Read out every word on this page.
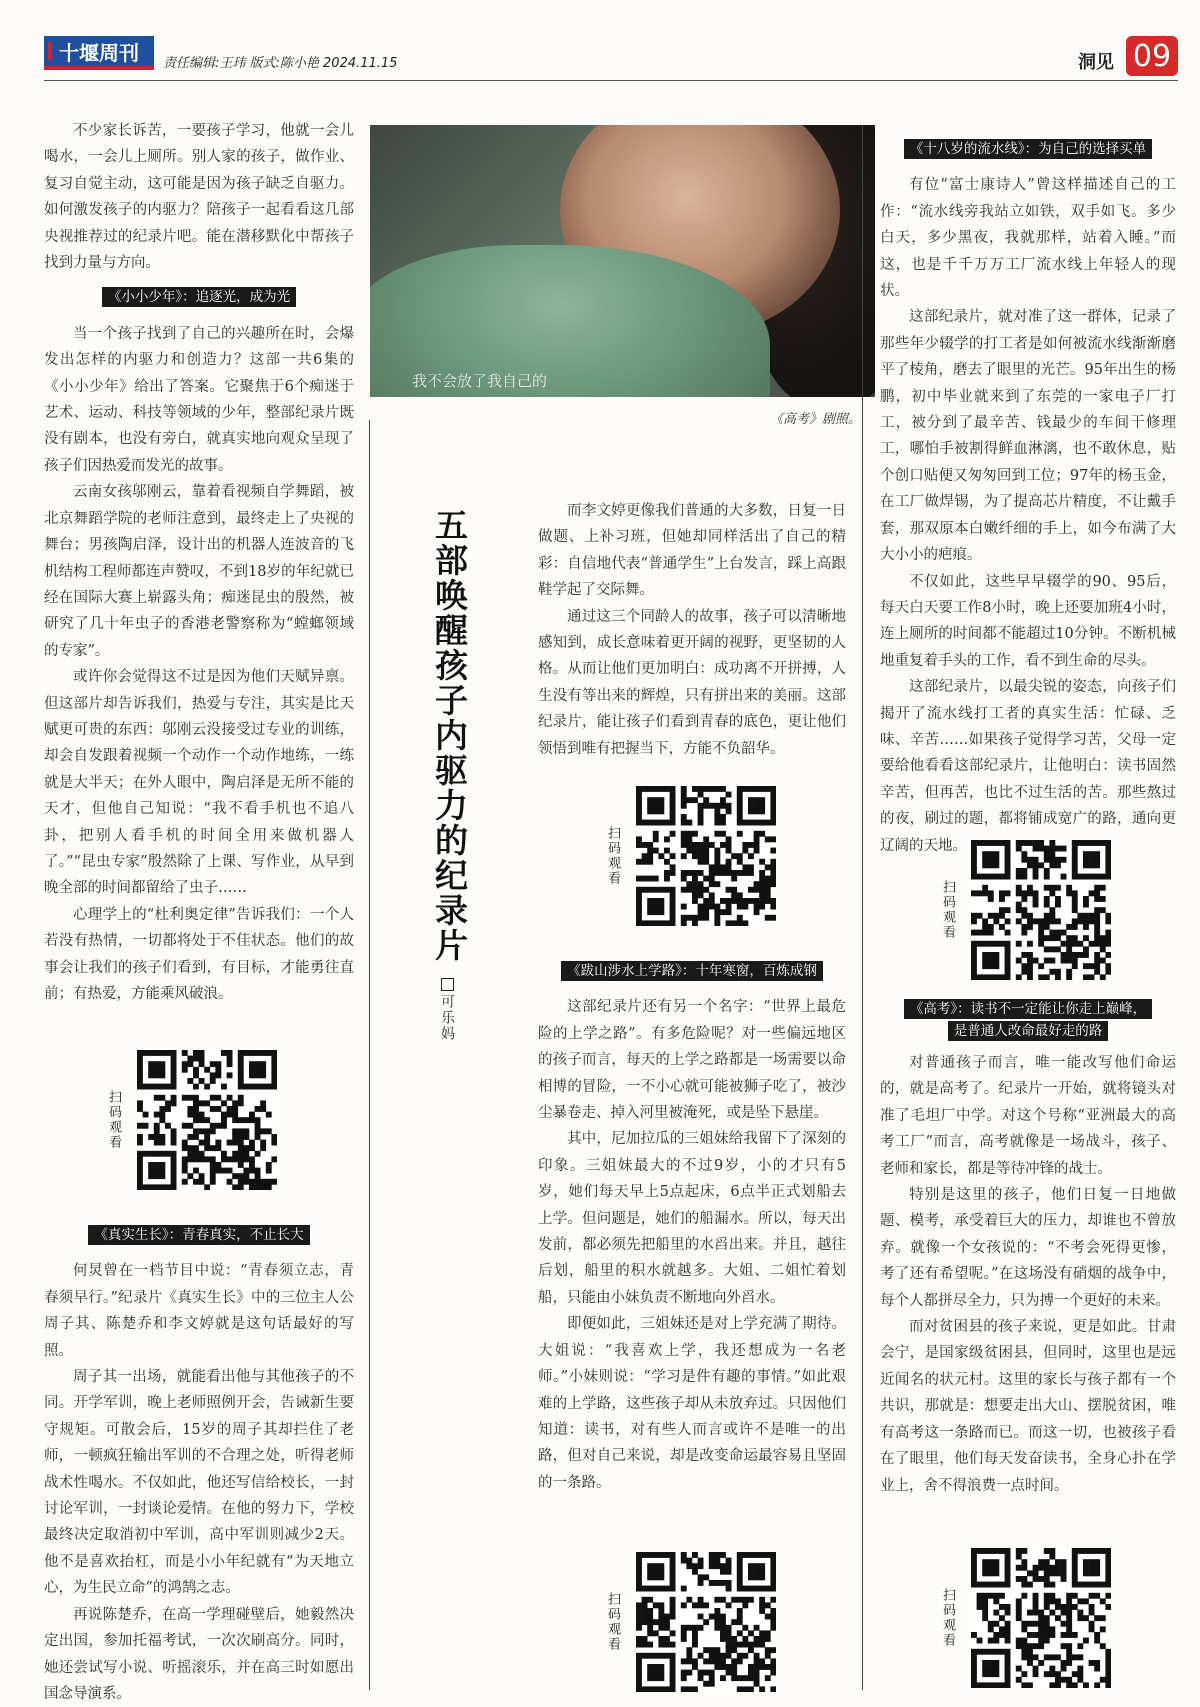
十堰周刊 责任编辑:王玮 版式:陈小艳 2024.11.15	洞见 09

不少家长诉苦，一要孩子学习，他就一会儿喝水，一会儿上厕所。别人家的孩子，做作业、复习自觉主动，这可能是因为孩子缺乏自驱力。如何激发孩子的内驱力？陪孩子一起看看这几部央视推荐过的纪录片吧。能在潜移默化中帮孩子找到力量与方向。

《小小少年》：追逐光，成为光

当一个孩子找到了自己的兴趣所在时，会爆发出怎样的内驱力和创造力？这部一共6集的《小小少年》给出了答案。它聚焦于6个痴迷于艺术、运动、科技等领域的少年，整部纪录片既没有剧本，也没有旁白，就真实地向观众呈现了孩子们因热爱而发光的故事。

云南女孩邬刚云，靠着看视频自学舞蹈，被北京舞蹈学院的老师注意到，最终走上了央视的舞台；男孩陶启泽，设计出的机器人连波音的飞机结构工程师都连声赞叹，不到18岁的年纪就已经在国际大赛上崭露头角；痴迷昆虫的殷然，被研究了几十年虫子的香港老警察称为“螳螂领域的专家”。

或许你会觉得这不过是因为他们天赋异禀。但这部片却告诉我们，热爱与专注，其实是比天赋更可贵的东西：邬刚云没接受过专业的训练，却会自发跟着视频一个动作一个动作地练，一练就是大半天；在外人眼中，陶启泽是无所不能的天才，但他自己知说：“我不看手机也不追八卦，把别人看手机的时间全用来做机器人了。”“昆虫专家”殷然除了上课、写作业，从早到晚全部的时间都留给了虫子……

心理学上的“杜利奥定律”告诉我们：一个人若没有热情，一切都将处于不佳状态。他们的故事会让我们的孩子们看到，有目标，才能勇往直前；有热爱，方能乘风破浪。

扫码观看
《真实生长》：青春真实，不止长大

何炅曾在一档节目中说：“青春须立志，青春须早行。”纪录片《真实生长》中的三位主人公周子其、陈楚乔和李文婷就是这句话最好的写照。

周子其一出场，就能看出他与其他孩子的不同。开学军训，晚上老师照例开会，告诫新生要守规矩。可散会后，15岁的周子其却拦住了老师，一顿疯狂输出军训的不合理之处，听得老师战术性喝水。不仅如此，他还写信给校长，一封讨论军训，一封谈论爱情。在他的努力下，学校最终决定取消初中军训，高中军训则减少2天。他不是喜欢抬杠，而是小小年纪就有“为天地立心，为生民立命”的鸿鹄之志。

再说陈楚乔，在高一学理碰壁后，她毅然决定出国，参加托福考试，一次次刷高分。同时，她还尝试写小说、听摇滚乐，并在高三时如愿出国念导演系。

我不会放了我自己的
《高考》剧照。
五部唤醒孩子内驱力的纪录片
可乐妈

而李文婷更像我们普通的大多数，日复一日做题、上补习班，但她却同样活出了自己的精彩：自信地代表“普通学生”上台发言，踩上高跟鞋学起了交际舞。

通过这三个同龄人的故事，孩子可以清晰地感知到，成长意味着更开阔的视野，更坚韧的人格。从而让他们更加明白：成功离不开拼搏，人生没有等出来的辉煌，只有拼出来的美丽。这部纪录片，能让孩子们看到青春的底色，更让他们领悟到唯有把握当下，方能不负韶华。

扫码观看
《跋山涉水上学路》：十年寒窗，百炼成钢

这部纪录片还有另一个名字：“世界上最危险的上学之路”。有多危险呢？对一些偏远地区的孩子而言，每天的上学之路都是一场需要以命相博的冒险，一不小心就可能被狮子吃了，被沙尘暴卷走、掉入河里被淹死，或是坠下悬崖。

其中，尼加拉瓜的三姐妹给我留下了深刻的印象。三姐妹最大的不过9岁，小的才只有5岁，她们每天早上5点起床，6点半正式划船去上学。但问题是，她们的船漏水。所以，每天出发前，都必须先把船里的水舀出来。并且，越往后划，船里的积水就越多。大姐、二姐忙着划船，只能由小妹负责不断地向外舀水。

即便如此，三姐妹还是对上学充满了期待。大姐说：“我喜欢上学，我还想成为一名老师。”小妹则说：“学习是件有趣的事情。”如此艰难的上学路，这些孩子却从未放弃过。只因他们知道：读书，对有些人而言或许不是唯一的出路，但对自己来说，却是改变命运最容易且坚固的一条路。

扫码观看
《十八岁的流水线》：为自己的选择买单

有位“富士康诗人”曾这样描述自己的工作：“流水线旁我站立如铁，双手如飞。多少白天，多少黑夜，我就那样，站着入睡。”而这，也是千千万万工厂流水线上年轻人的现状。

这部纪录片，就对准了这一群体，记录了那些年少辍学的打工者是如何被流水线渐渐磨平了棱角，磨去了眼里的光芒。95年出生的杨鹏，初中毕业就来到了东莞的一家电子厂打工，被分到了最辛苦、钱最少的车间干修理工，哪怕手被割得鲜血淋漓，也不敢休息，贴个创口贴便又匆匆回到工位；97年的杨玉金，在工厂做焊锡，为了提高芯片精度，不让戴手套，那双原本白嫩纤细的手上，如今布满了大大小小的疤痕。

不仅如此，这些早早辍学的90、95后，每天白天要工作8小时，晚上还要加班4小时，连上厕所的时间都不能超过10分钟。不断机械地重复着手头的工作，看不到生命的尽头。

这部纪录片，以最尖锐的姿态，向孩子们揭开了流水线打工者的真实生活：忙碌、乏味、辛苦……如果孩子觉得学习苦，父母一定要给他看看这部纪录片，让他明白：读书固然辛苦，但再苦，也比不过生活的苦。那些熬过的夜，刷过的题，都将铺成宽广的路，通向更辽阔的天地。

扫码观看
《高考》：读书不一定能让你走上巅峰，
是普通人改命最好走的路

对普通孩子而言，唯一能改写他们命运的，就是高考了。纪录片一开始，就将镜头对准了毛坦厂中学。对这个号称“亚洲最大的高考工厂”而言，高考就像是一场战斗，孩子、老师和家长，都是等待冲锋的战士。

特别是这里的孩子，他们日复一日地做题、模考，承受着巨大的压力，却谁也不曾放弃。就像一个女孩说的：“不考会死得更惨，考了还有希望呢。”在这场没有硝烟的战争中，每个人都拼尽全力，只为搏一个更好的未来。

而对贫困县的孩子来说，更是如此。甘肃会宁，是国家级贫困县，但同时，这里也是远近闻名的状元村。这里的家长与孩子都有一个共识，那就是：想要走出大山、摆脱贫困，唯有高考这一条路而已。而这一切，也被孩子看在了眼里，他们每天发奋读书，全身心扑在学业上，舍不得浪费一点时间。

扫码观看
